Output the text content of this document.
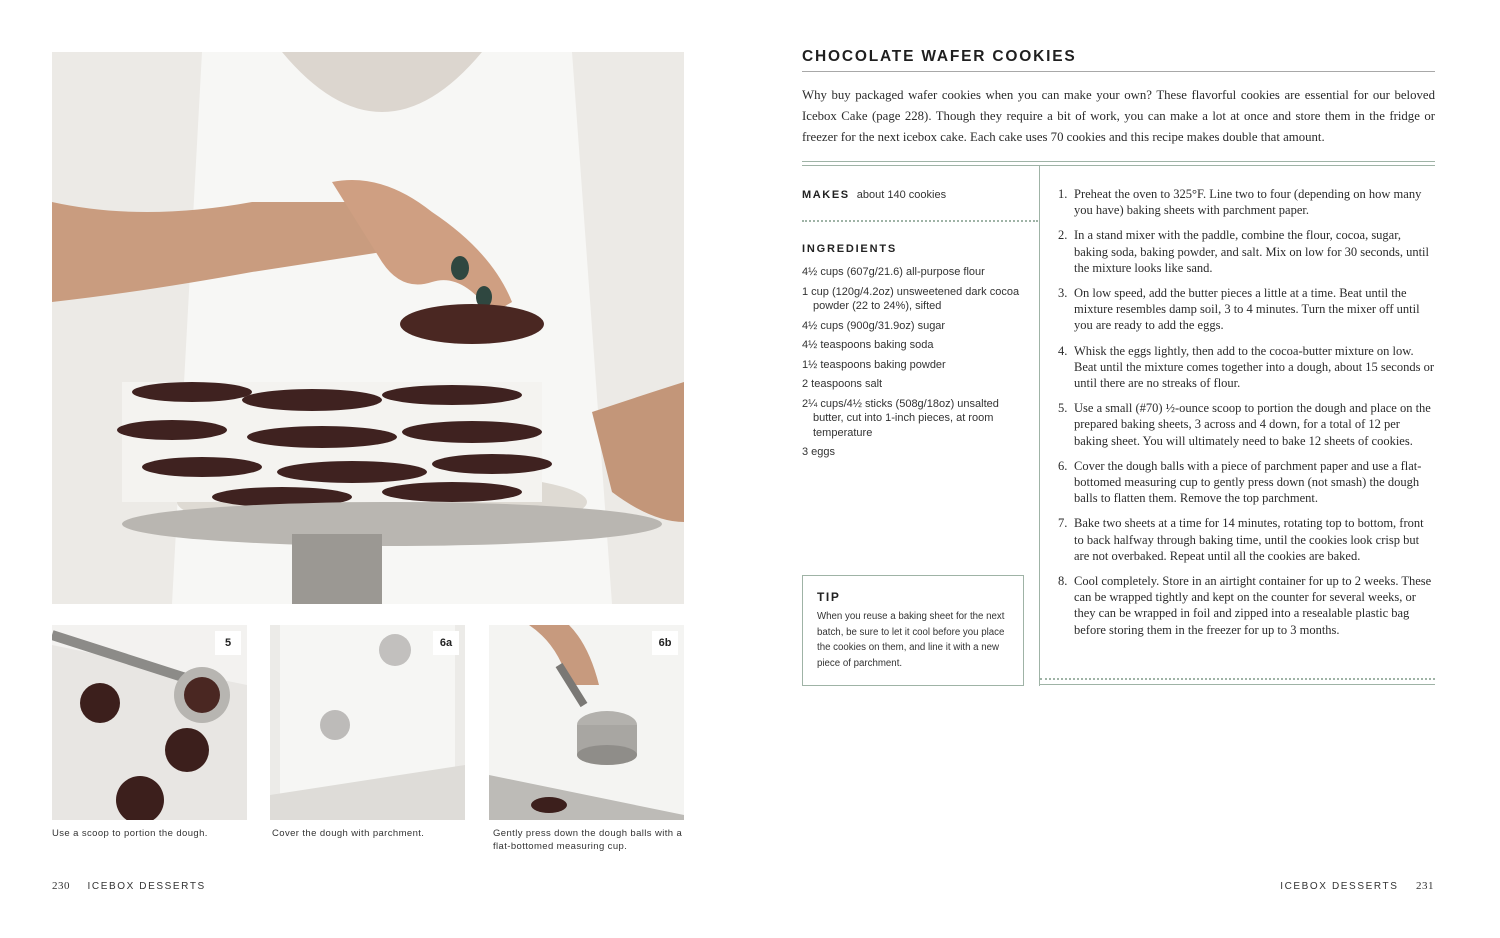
5
Use a scoop to portion the dough.
6a
Cover the dough with parchment.
6b
Gently press down the dough balls with a flat-bottomed measuring cup.
230 ICEBOX DESSERTS
CHOCOLATE WAFER COOKIES

Why buy packaged wafer cookies when you can make your own? These flavorful cookies are essential for our beloved Icebox Cake (page 228). Though they require a bit of work, you can make a lot at once and store them in the fridge or freezer for the next icebox cake. Each cake uses 70 cookies and this recipe makes double that amount.

MAKES about 140 cookies
INGREDIENTS
4½ cups (607g/21.6) all-purpose flour
1 cup (120g/4.2oz) unsweetened dark cocoa powder (22 to 24%), sifted
4½ cups (900g/31.9oz) sugar
4½ teaspoons baking soda
1½ teaspoons baking powder
2 teaspoons salt
2¼ cups/4½ sticks (508g/18oz) unsalted butter, cut into 1-inch pieces, at room temperature
3 eggs
TIP
When you reuse a baking sheet for the next batch, be sure to let it cool before you place the cookies on them, and line it with a new piece of parchment.
1. Preheat the oven to 325°F. Line two to four (depending on how many you have) baking sheets with parchment paper.
2. In a stand mixer with the paddle, combine the flour, cocoa, sugar, baking soda, baking powder, and salt. Mix on low for 30 seconds, until the mixture looks like sand.
3. On low speed, add the butter pieces a little at a time. Beat until the mixture resembles damp soil, 3 to 4 minutes. Turn the mixer off until you are ready to add the eggs.
4. Whisk the eggs lightly, then add to the cocoa-butter mixture on low. Beat until the mixture comes together into a dough, about 15 seconds or until there are no streaks of flour.
5. Use a small (#70) ½-ounce scoop to portion the dough and place on the prepared baking sheets, 3 across and 4 down, for a total of 12 per baking sheet. You will ultimately need to bake 12 sheets of cookies.
6. Cover the dough balls with a piece of parchment paper and use a flat-bottomed measuring cup to gently press down (not smash) the dough balls to flatten them. Remove the top parchment.
7. Bake two sheets at a time for 14 minutes, rotating top to bottom, front to back halfway through baking time, until the cookies look crisp but are not overbaked. Repeat until all the cookies are baked.
8. Cool completely. Store in an airtight container for up to 2 weeks. These can be wrapped tightly and kept on the counter for several weeks, or they can be wrapped in foil and zipped into a resealable plastic bag before storing them in the freezer for up to 3 months.
ICEBOX DESSERTS 231
